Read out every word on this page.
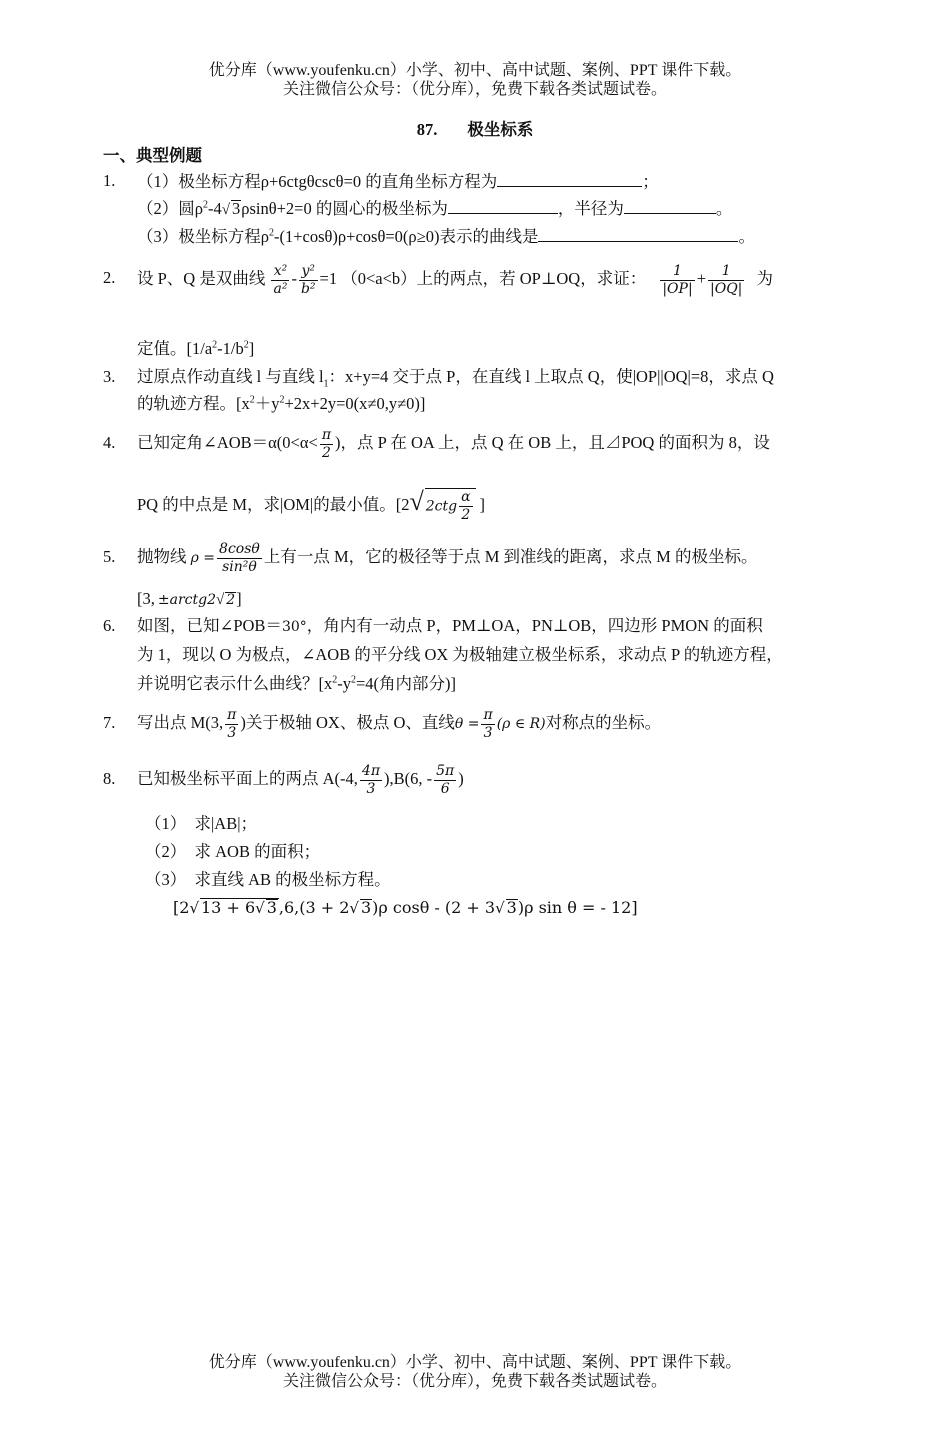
优分库（www.youfenku.cn）小学、初中、高中试题、案例、PPT 课件下载。
关注微信公众号：（优分库），免费下载各类试题试卷。
87. 极坐标系
一、典型例题
1. （1）极坐标方程ρ+6ctgθcscθ=0 的直角坐标方程为	；
（2）圆$\rho^2-4√$ 3ρsinθ+2=0 的圆心的极坐标为	，半径为	。
（3）极坐标方程$\rho^2-(1+\cos\theta)\rho+\cos\theta=0(\rho\ge 0)$表示的曲线是	。
2. 设 P、Q 是双曲线 $\frac{\text{x²}}{\text{a²}} - \frac{\text{y²}}{\text{b²}} =1$ （0<a<b）上的两点，若 OP⊥OQ，求证： $\frac{1}{|OP|} + \frac{1}{|OQ|}$ 为
定值。$[1/a^2-1/b^2]$
3. 过原点作动直线 l 与直线 $l_1$：x+y=4 交于点 P，在直线 l 上取点 Q，使|OP||OQ|=8，求点 Q
的轨迹方程。$[x^2+y^2+2x+2y=0(x\ne 0,y\ne 0)]$
4. 已知定角∠AOB＝α(0<α< $\frac{\pi}{2}$ )，点 P 在 OA 上，点 Q 在 OB 上，且⊿POQ 的面积为 8，设
PQ 的中点是 M，求|OM|的最小值。[2√ $2ctg \frac{\alpha}{2}$ ]
5. 抛物线 $\rho = \frac{8\cos\theta}{\text{sin²θ}}$ 上有一点 M，它的极径等于点 M 到准线的距离，求点 M 的极坐标。
[3, ±arctg2√ 2]
6. 如图，已知∠POB＝30°，角内有一动点 P，PM⊥OA，PN⊥OB，四边形 PMON 的面积
为 1，现以 O 为极点，∠AOB 的平分线 OX 为极轴建立极坐标系，求动点 P 的轨迹方程，
并说明它表示什么曲线？[$x^2-y^2=4$(角内部分)]
7. 写出点 M(3, $\frac{\pi}{3}$ )关于极轴 OX、极点 O、直线$\theta = \frac{\pi}{3} (\rho$ ∈ R)对称点的坐标。
8. 已知极坐标平面上的两点 A(-4, $\frac{4\pi}{3} ),B(6$, - $\frac{5\pi}{6}$ )
（1）　求|AB|；
（2）　求 AOB 的面积；
（3）　求直线 AB 的极坐标方程。
[2√ 13 + 6√ 3 ,6,(3 + 2√ 3)ρ cosθ - (2 + 3√ 3)ρ sin θ = - 12]
优分库（www.youfenku.cn）小学、初中、高中试题、案例、PPT 课件下载。
关注微信公众号：（优分库），免费下载各类试题试卷。
